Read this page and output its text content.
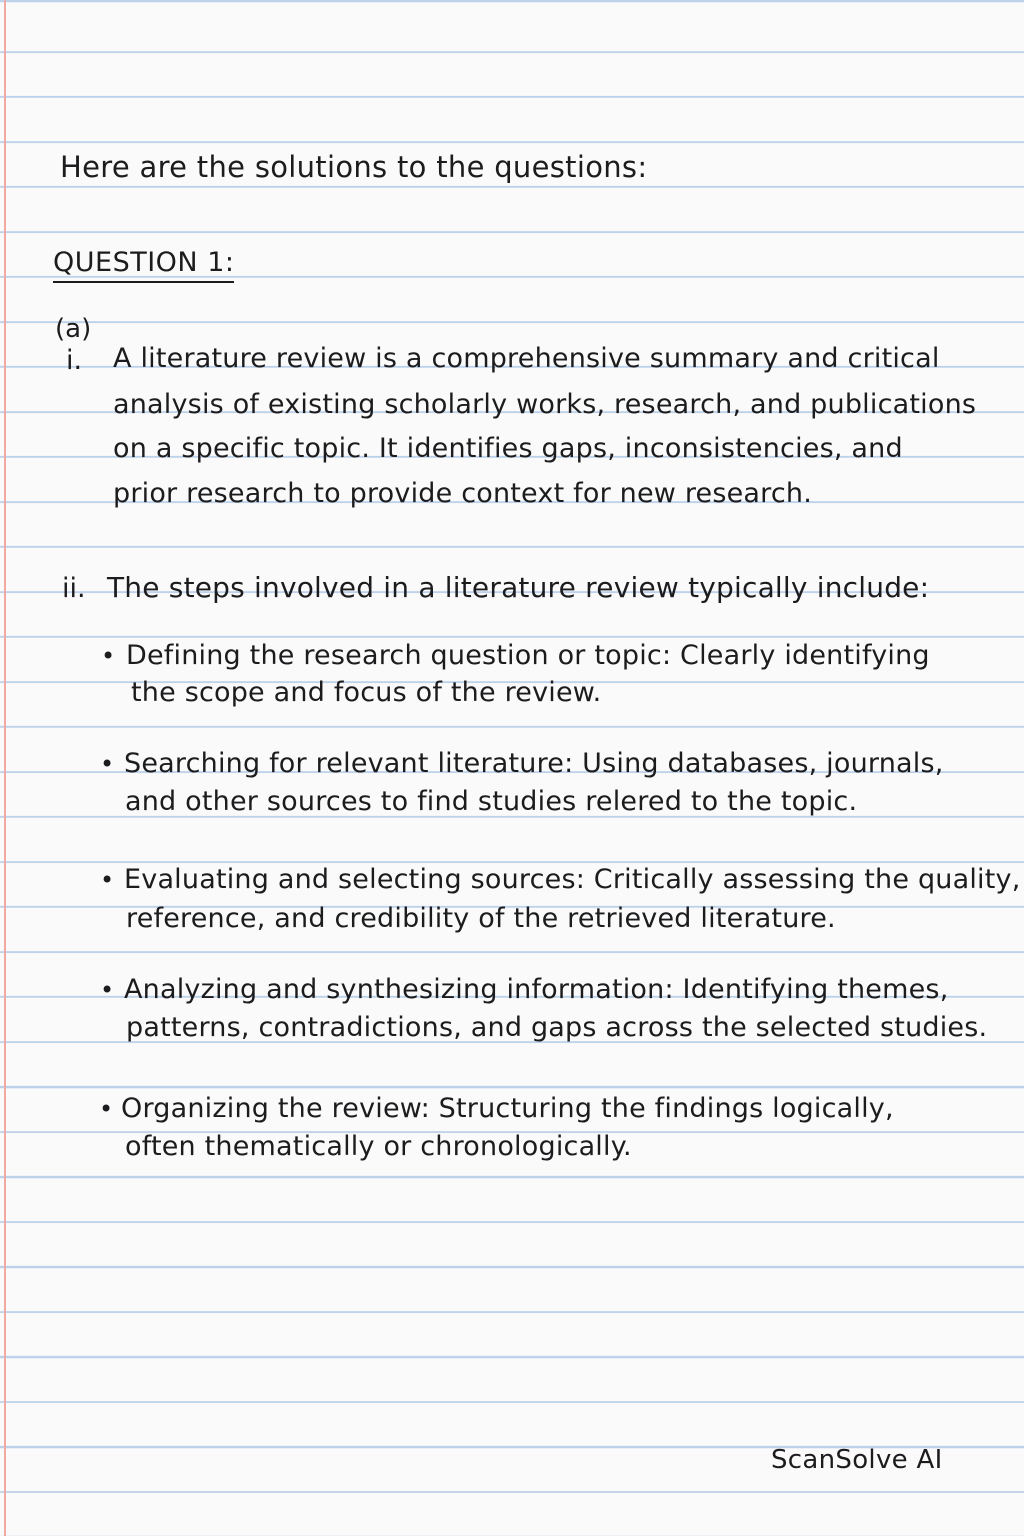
Here are the solutions to the questions:
QUESTION 1:
(a)
i. A literature review is a comprehensive summary and critical
analysis of existing scholarly works, research, and publications
on a specific topic. It identifies gaps, inconsistencies, and
prior research to provide context for new research.
ii. The steps involved in a literature review typically include:
• Defining the research question or topic: Clearly identifying
the scope and focus of the review.
• Searching for relevant literature: Using databases, journals,
and other sources to find studies relered to the topic.
• Evaluating and selecting sources: Critically assessing the quality,
reference, and credibility of the retrieved literature.
• Analyzing and synthesizing information: Identifying themes,
patterns, contradictions, and gaps across the selected studies.
• Organizing the review: Structuring the findings logically,
often thematically or chronologically.
ScanSolve AI
